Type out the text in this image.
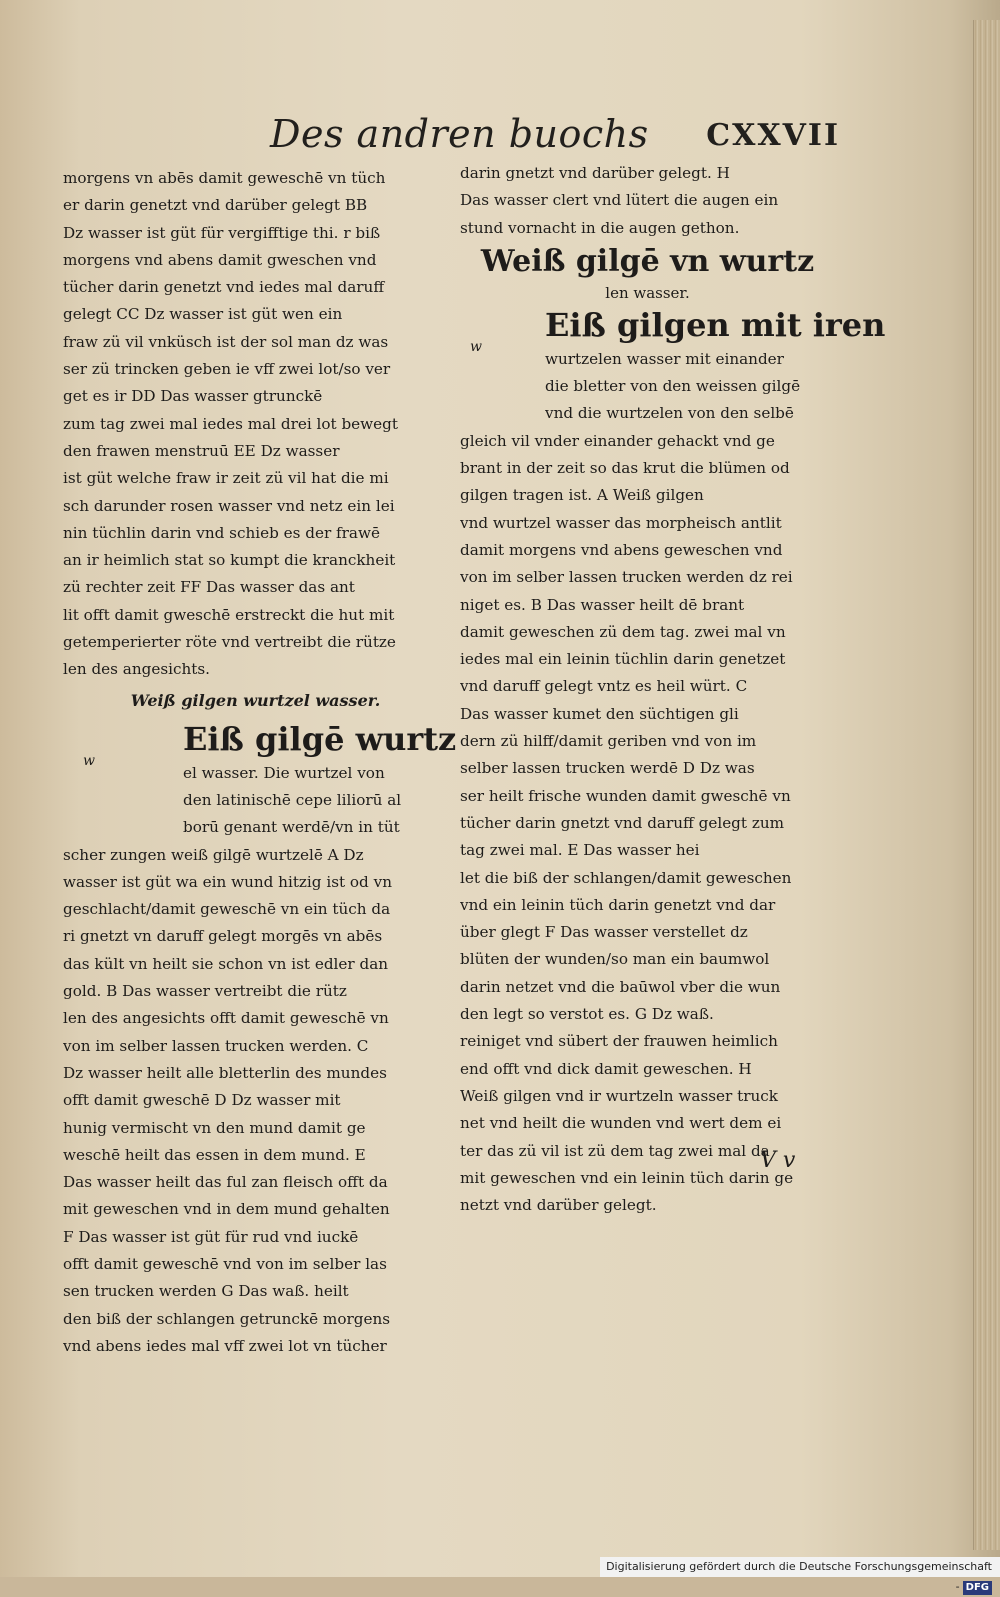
Des andren buochs CXXVII
morgens vn abēs damit geweschē vn tüch
er darin genetzt vnd darüber gelegt BB
Dz wasser ist güt für vergifftige thi. r biß
morgens vnd abens damit gweschen vnd
tücher darin genetzt vnd iedes mal daruff
gelegt CC Dz wasser ist güt wen ein
fraw zü vil vnküsch ist der sol man dz was
ser zü trincken geben ie vff zwei lot/so ver
get es ir DD Das wasser gtrunckē
zum tag zwei mal iedes mal drei lot bewegt
den frawen menstruū EE Dz wasser
ist güt welche fraw ir zeit zü vil hat die mi
sch darunder rosen wasser vnd netz ein lei
nin tüchlin darin vnd schieb es der frawē
an ir heimlich stat so kumpt die kranckheit
zü rechter zeit FF Das wasser das ant
lit offt damit gweschē erstreckt die hut mit
getemperierter röte vnd vertreibt die rütze
len des angesichts.
Weiß gilgen wurtzel wasser.
w
Eiß gilgē wurtz
el wasser. Die wurtzel von
den latinischē cepe liliorū al
borū genant werdē/vn in tüt
scher zungen weiß gilgē wurtzelē A Dz
wasser ist güt wa ein wund hitzig ist od vn
geschlacht/damit geweschē vn ein tüch da
ri gnetzt vn daruff gelegt morgēs vn abēs
das kült vn heilt sie schon vn ist edler dan
gold. B Das wasser vertreibt die rütz
len des angesichts offt damit geweschē vn
von im selber lassen trucken werden. C
Dz wasser heilt alle bletterlin des mundes
offt damit gweschē D Dz wasser mit
hunig vermischt vn den mund damit ge
weschē heilt das essen in dem mund. E
Das wasser heilt das ful zan fleisch offt da
mit geweschen vnd in dem mund gehalten
F Das wasser ist güt für rud vnd iuckē
offt damit geweschē vnd von im selber las
sen trucken werden G Das waß. heilt
den biß der schlangen getrunckē morgens
vnd abens iedes mal vff zwei lot vn tücher
darin gnetzt vnd darüber gelegt. H
Das wasser clert vnd lütert die augen ein
stund vornacht in die augen gethon.
Weiß gilgē vn wurtz
len wasser.
w
Eiß gilgen mit iren
wurtzelen wasser mit einander
die bletter von den weissen gilgē
vnd die wurtzelen von den selbē
gleich vil vnder einander gehackt vnd ge
brant in der zeit so das krut die blümen od
gilgen tragen ist. A Weiß gilgen
vnd wurtzel wasser das morpheisch antlit
damit morgens vnd abens geweschen vnd
von im selber lassen trucken werden dz rei
niget es. B Das wasser heilt dē brant
damit geweschen zü dem tag. zwei mal vn
iedes mal ein leinin tüchlin darin genetzet
vnd daruff gelegt vntz es heil würt. C
Das wasser kumet den süchtigen gli
dern zü hilff/damit geriben vnd von im
selber lassen trucken werdē D Dz was
ser heilt frische wunden damit gweschē vn
tücher darin gnetzt vnd daruff gelegt zum
tag zwei mal. E Das wasser hei
let die biß der schlangen/damit geweschen
vnd ein leinin tüch darin genetzt vnd dar
über glegt F Das wasser verstellet dz
blüten der wunden/so man ein baumwol
darin netzet vnd die baūwol vber die wun
den legt so verstot es. G Dz waß.
reiniget vnd sübert der frauwen heimlich
end offt vnd dick damit geweschen. H
Weiß gilgen vnd ir wurtzeln wasser truck
net vnd heilt die wunden vnd wert dem ei
ter das zü vil ist zü dem tag zwei mal da
mit geweschen vnd ein leinin tüch darin ge
netzt vnd darüber gelegt.
V v
Digitalisierung gefördert durch die Deutsche Forschungsgemeinschaft - DFG
